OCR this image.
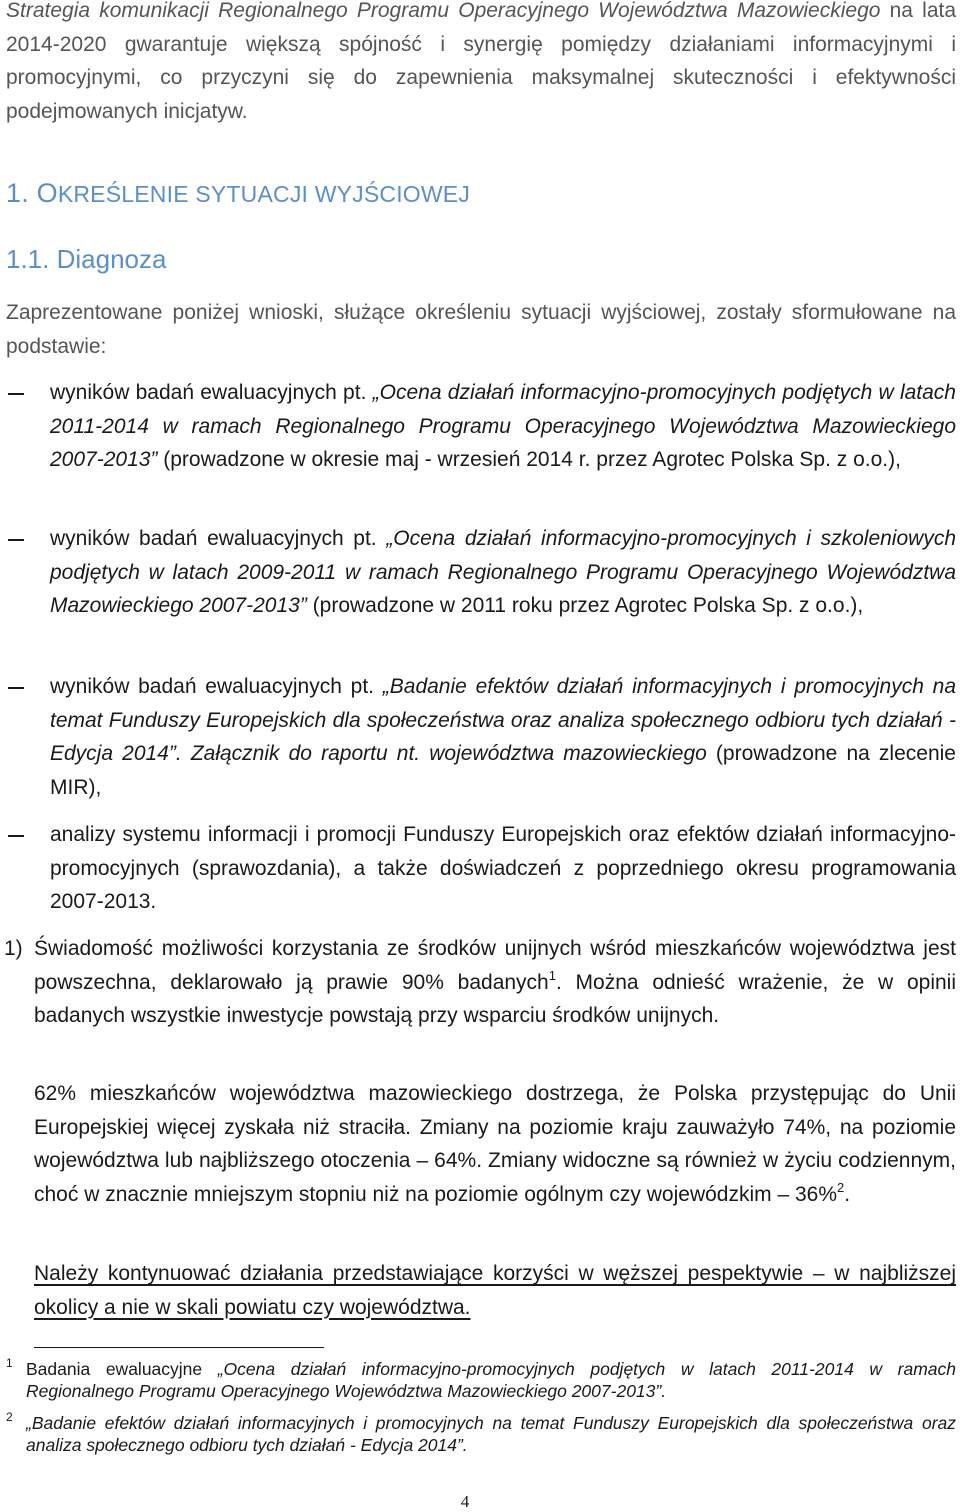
Strategia komunikacji Regionalnego Programu Operacyjnego Województwa Mazowieckiego na lata 2014-2020 gwarantuje większą spójność i synergię pomiędzy działaniami informacyjnymi i promocyjnymi, co przyczyni się do zapewnienia maksymalnej skuteczności i efektywności podejmowanych inicjatyw.

1. OKREŚLENIE SYTUACJI WYJŚCIOWEJ
1.1. Diagnoza

Zaprezentowane poniżej wnioski, służące określeniu sytuacji wyjściowej, zostały sformułowane na podstawie:

wyników badań ewaluacyjnych pt. „Ocena działań informacyjno-promocyjnych podjętych w latach 2011-2014 w ramach Regionalnego Programu Operacyjnego Województwa Mazowieckiego 2007-2013” (prowadzone w okresie maj - wrzesień 2014 r. przez Agrotec Polska Sp. z o.o.),

wyników badań ewaluacyjnych pt. „Ocena działań informacyjno-promocyjnych i szkoleniowych podjętych w latach 2009-2011 w ramach Regionalnego Programu Operacyjnego Województwa Mazowieckiego 2007-2013” (prowadzone w 2011 roku przez Agrotec Polska Sp. z o.o.),

wyników badań ewaluacyjnych pt. „Badanie efektów działań informacyjnych i promocyjnych na temat Funduszy Europejskich dla społeczeństwa oraz analiza społecznego odbioru tych działań - Edycja 2014”. Załącznik do raportu nt. województwa mazowieckiego (prowadzone na zlecenie MIR),

analizy systemu informacji i promocji Funduszy Europejskich oraz efektów działań informacyjno-promocyjnych (sprawozdania), a także doświadczeń z poprzedniego okresu programowania 2007-2013.

1) Świadomość możliwości korzystania ze środków unijnych wśród mieszkańców województwa jest powszechna, deklarowało ją prawie 90% badanych$^1$. Można odnieść wrażenie, że w opinii badanych wszystkie inwestycje powstają przy wsparciu środków unijnych.

62% mieszkańców województwa mazowieckiego dostrzega, że Polska przystępując do Unii Europejskiej więcej zyskała niż straciła. Zmiany na poziomie kraju zauważyło 74%, na poziomie województwa lub najbliższego otoczenia – 64%. Zmiany widoczne są również w życiu codziennym, choć w znacznie mniejszym stopniu niż na poziomie ogólnym czy wojewódzkim – 36%$^2$.

Należy kontynuować działania przedstawiające korzyści w węższej pespektywie – w najbliższej okolicy a nie w skali powiatu czy województwa.

1 Badania ewaluacyjne „Ocena działań informacyjno-promocyjnych podjętych w latach 2011-2014 w ramach Regionalnego Programu Operacyjnego Województwa Mazowieckiego 2007-2013”.

2 „Badanie efektów działań informacyjnych i promocyjnych na temat Funduszy Europejskich dla społeczeństwa oraz analiza społecznego odbioru tych działań - Edycja 2014”.

4
